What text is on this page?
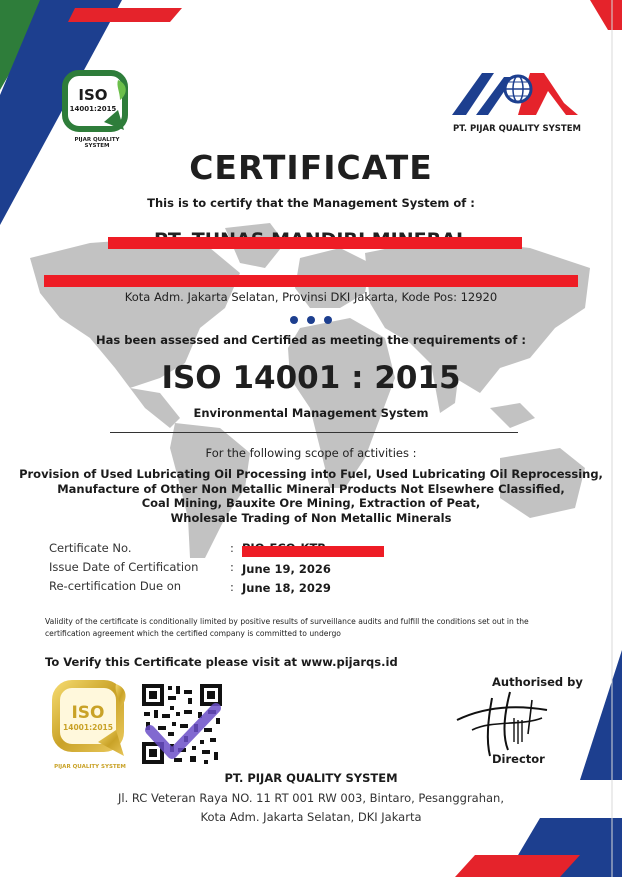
ISO
14001:2015
PIJAR QUALITY SYSTEM
PT. PIJAR QUALITY SYSTEM
CERTIFICATE
This is to certify that the Management System of :
Kota Adm. Jakarta Selatan, Provinsi DKI Jakarta, Kode Pos: 12920
Has been assessed and Certified as meeting the requirements of :
ISO 14001 : 2015
Environmental Management System
For the following scope of activities :
Provision of Used Lubricating Oil Processing into Fuel, Used Lubricating Oil Reprocessing,
Manufacture of Other Non Metallic Mineral Products Not Elsewhere Classified,
Coal Mining, Bauxite Ore Mining, Extraction of Peat,
Wholesale Trading of Non Metallic Minerals
Certificate No.	:
Issue Date of Certification	: June 19, 2026
Re-certification Due on	: June 18, 2029
Validity of the certificate is conditionally limited by positive results of surveillance audits and fulfill the conditions set out in the
certification agreement which the certified company is committed to undergo
To Verify this Certificate please visit at www.pijarqs.id
ISO
14001:2015
PIJAR QUALITY SYSTEM
Authorised by
Director
PT. PIJAR QUALITY SYSTEM
Jl. RC Veteran Raya NO. 11 RT 001 RW 003, Bintaro, Pesanggrahan,
Kota Adm. Jakarta Selatan, DKI Jakarta
